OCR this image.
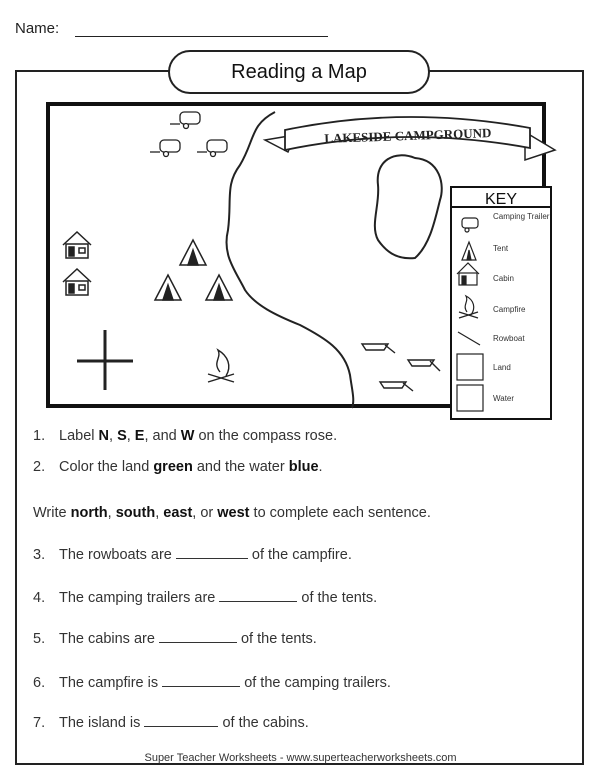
Name:
Reading a Map
LAKESIDE CAMPGROUND
KEY
Camping Trailer
Tent
Cabin
Campfire
Rowboat
Land
Water
1. Label N, S, E, and W on the compass rose.
2. Color the land green and the water blue.
Write north, south, east, or west to complete each sentence.
3. The rowboats are	of the campfire.
4. The camping trailers are	of the tents.
5. The cabins are	of the tents.
6. The campfire is	of the camping trailers.
7. The island is	of the cabins.
Super Teacher Worksheets - www.superteacherworksheets.com
